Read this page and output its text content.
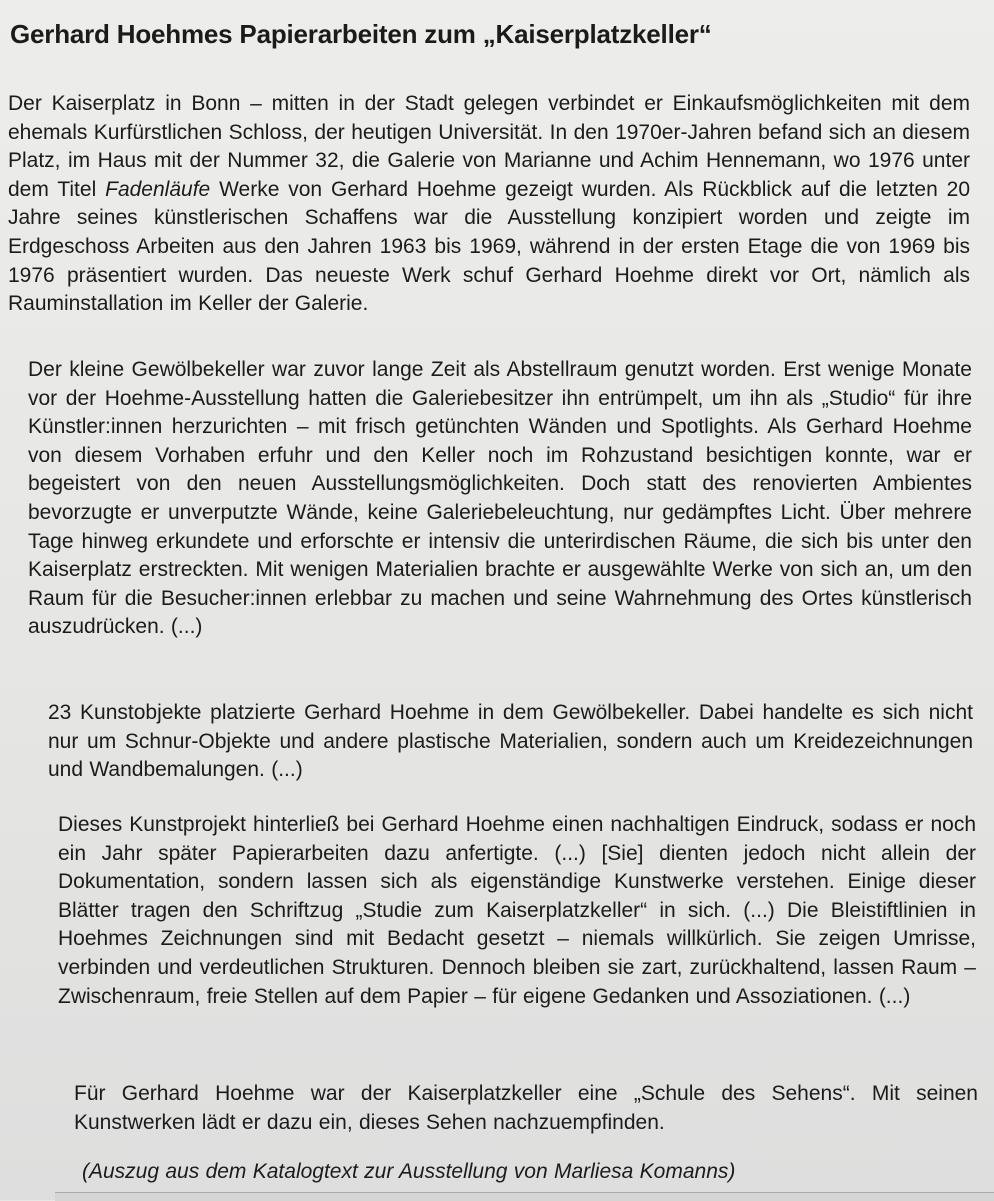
Gerhard Hoehmes Papierarbeiten zum „Kaiserplatzkeller“

Der Kaiserplatz in Bonn – mitten in der Stadt gelegen verbindet er Einkaufsmöglichkeiten mit dem ehemals Kurfürstlichen Schloss, der heutigen Universität. In den 1970er-Jahren befand sich an diesem Platz, im Haus mit der Nummer 32, die Galerie von Marianne und Achim Hennemann, wo 1976 unter dem Titel Fadenläufe Werke von Gerhard Hoehme gezeigt wurden. Als Rückblick auf die letzten 20 Jahre seines künstlerischen Schaffens war die Ausstellung konzipiert worden und zeigte im Erdgeschoss Arbeiten aus den Jahren 1963 bis 1969, während in der ersten Etage die von 1969 bis 1976 präsentiert wurden. Das neueste Werk schuf Gerhard Hoehme direkt vor Ort, nämlich als Rauminstallation im Keller der Galerie.

Der kleine Gewölbekeller war zuvor lange Zeit als Abstellraum genutzt worden. Erst wenige Monate vor der Hoehme-Ausstellung hatten die Galeriebesitzer ihn entrümpelt, um ihn als „Studio“ für ihre Künstler:innen herzurichten – mit frisch getünchten Wänden und Spotlights. Als Gerhard Hoehme von diesem Vorhaben erfuhr und den Keller noch im Rohzustand besichtigen konnte, war er begeistert von den neuen Ausstellungsmöglichkeiten. Doch statt des renovierten Ambientes bevorzugte er unverputzte Wände, keine Galeriebeleuchtung, nur gedämpftes Licht. Über mehrere Tage hinweg erkundete und erforschte er intensiv die unterirdischen Räume, die sich bis unter den Kaiserplatz erstreckten. Mit wenigen Materialien brachte er ausgewählte Werke von sich an, um den Raum für die Besucher:innen erlebbar zu machen und seine Wahrnehmung des Ortes künstlerisch auszudrücken. (...)

23 Kunstobjekte platzierte Gerhard Hoehme in dem Gewölbekeller. Dabei handelte es sich nicht nur um Schnur-Objekte und andere plastische Materialien, sondern auch um Kreidezeichnungen und Wandbemalungen. (...)

Dieses Kunstprojekt hinterließ bei Gerhard Hoehme einen nachhaltigen Eindruck, sodass er noch ein Jahr später Papierarbeiten dazu anfertigte. (...) [Sie] dienten jedoch nicht allein der Dokumentation, sondern lassen sich als eigenständige Kunstwerke verstehen. Einige dieser Blätter tragen den Schriftzug „Studie zum Kaiserplatzkeller“ in sich. (...) Die Bleistiftlinien in Hoehmes Zeichnungen sind mit Bedacht gesetzt – niemals willkürlich. Sie zeigen Umrisse, verbinden und verdeutlichen Strukturen. Dennoch bleiben sie zart, zurückhaltend, lassen Raum – Zwischenraum, freie Stellen auf dem Papier – für eigene Gedanken und Assoziationen. (...)

Für Gerhard Hoehme war der Kaiserplatzkeller eine „Schule des Sehens“. Mit seinen Kunstwerken lädt er dazu ein, dieses Sehen nachzuempfinden.

(Auszug aus dem Katalogtext zur Ausstellung von Marliesa Komanns)
